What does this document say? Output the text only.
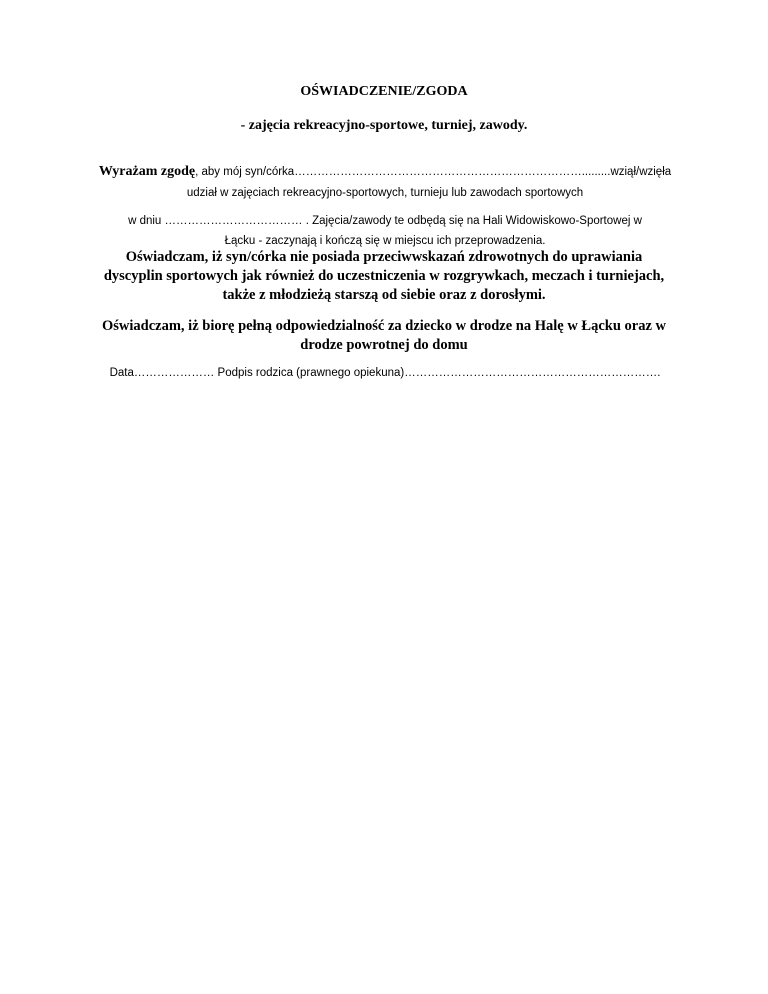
OŚWIADCZENIE/ZGODA
- zajęcia rekreacyjno-sportowe, turniej, zawody.
Wyrażam zgodę, aby mój syn/córka………………………………………………………………….........wziął/wzięła
udział w zajęciach rekreacyjno-sportowych, turnieju lub zawodach sportowych
w dniu ……………………………… . Zajęcia/zawody te odbędą się na Hali Widowiskowo-Sportowej w
Łącku - zaczynają i kończą się w miejscu ich przeprowadzenia.
Oświadczam, iż syn/córka nie posiada przeciwwskazań zdrowotnych do uprawiania dyscyplin sportowych jak również do uczestniczenia w rozgrywkach, meczach i turniejach, także z młodzieżą starszą od siebie oraz z dorosłymi.
Oświadczam, iż biorę pełną odpowiedzialność za dziecko w drodze na Halę w Łącku oraz w drodze powrotnej do domu
Data………………… Podpis rodzica (prawnego opiekuna)………………………………………………………….
